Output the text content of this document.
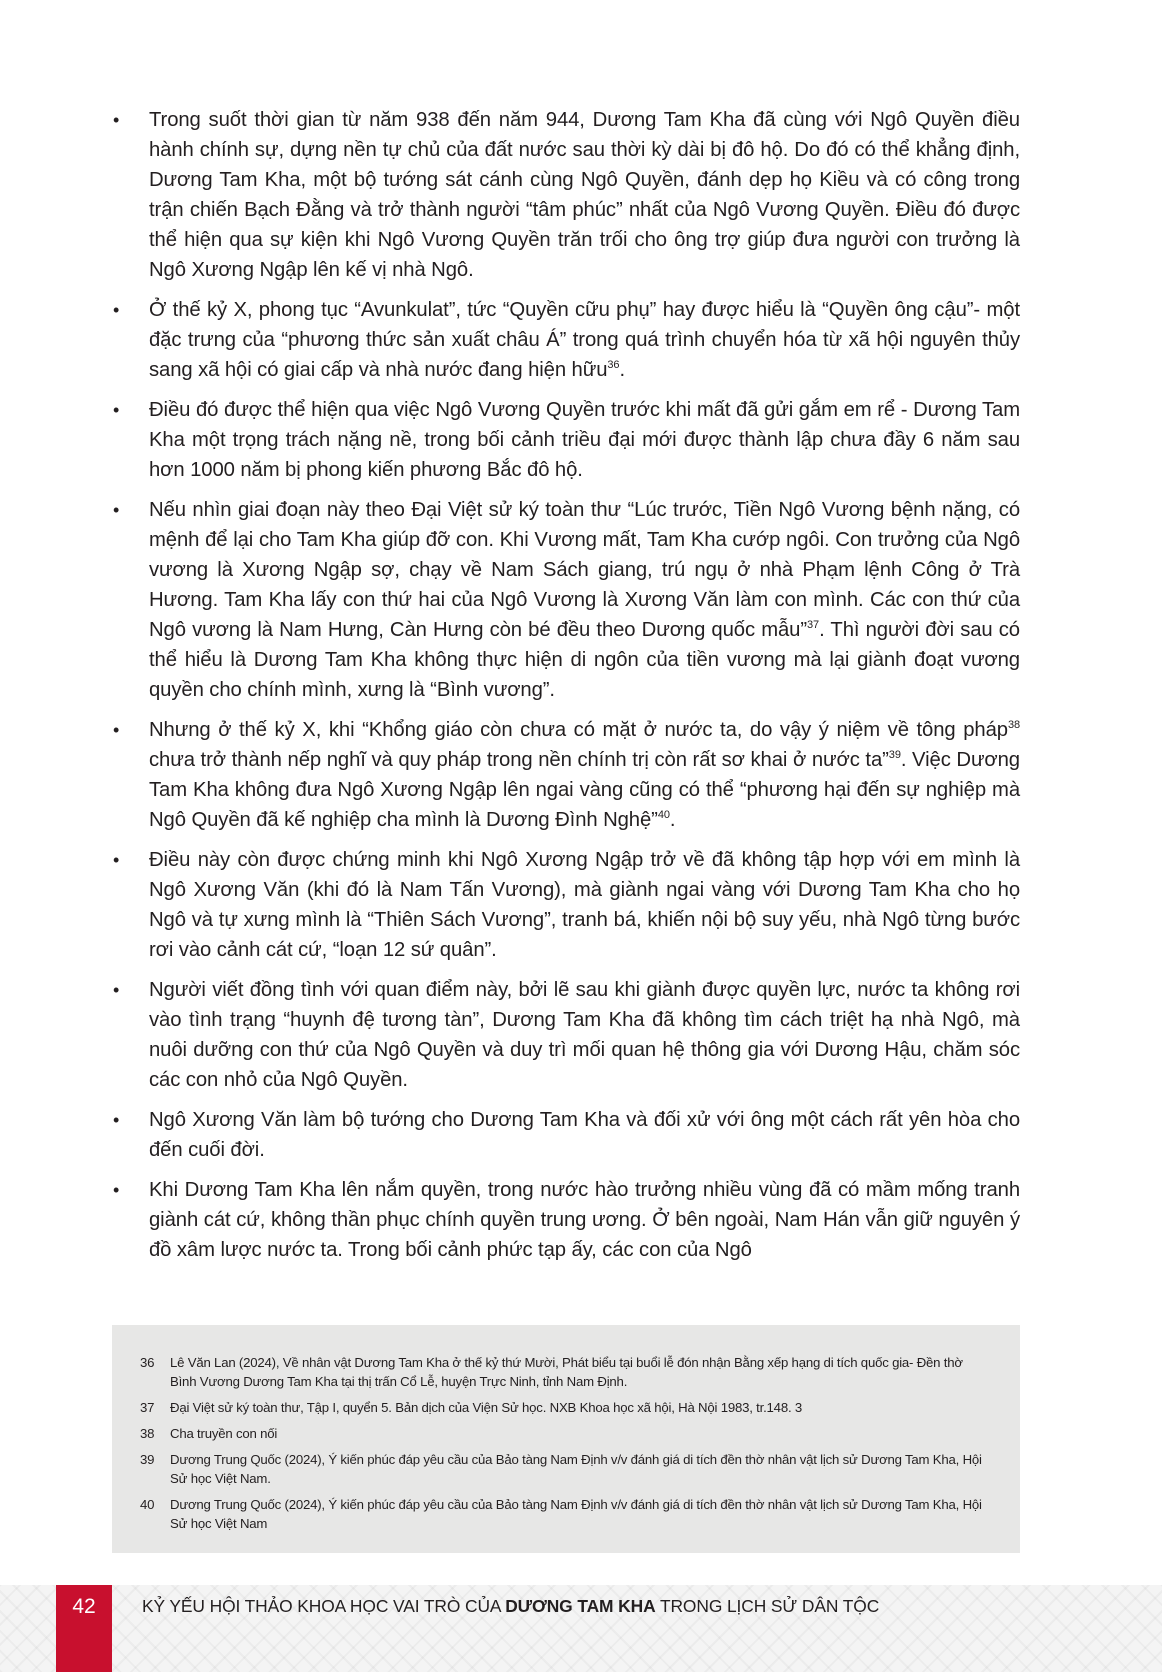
• Trong suốt thời gian từ năm 938 đến năm 944, Dương Tam Kha đã cùng với Ngô Quyền điều hành chính sự, dựng nền tự chủ của đất nước sau thời kỳ dài bị đô hộ. Do đó có thể khẳng định, Dương Tam Kha, một bộ tướng sát cánh cùng Ngô Quyền, đánh dẹp họ Kiều và có công trong trận chiến Bạch Đằng và trở thành người “tâm phúc” nhất của Ngô Vương Quyền. Điều đó được thể hiện qua sự kiện khi Ngô Vương Quyền trăn trối cho ông trợ giúp đưa người con trưởng là Ngô Xương Ngập lên kế vị nhà Ngô.
• Ở thế kỷ X, phong tục “Avunkulat”, tức “Quyền cữu phụ” hay được hiểu là “Quyền ông cậu”- một đặc trưng của “phương thức sản xuất châu Á” trong quá trình chuyển hóa từ xã hội nguyên thủy sang xã hội có giai cấp và nhà nước đang hiện hữu$^{36}$.
• Điều đó được thể hiện qua việc Ngô Vương Quyền trước khi mất đã gửi gắm em rể - Dương Tam Kha một trọng trách nặng nề, trong bối cảnh triều đại mới được thành lập chưa đầy 6 năm sau hơn 1000 năm bị phong kiến phương Bắc đô hộ.
• Nếu nhìn giai đoạn này theo Đại Việt sử ký toàn thư “Lúc trước, Tiền Ngô Vương bệnh nặng, có mệnh để lại cho Tam Kha giúp đỡ con. Khi Vương mất, Tam Kha cướp ngôi. Con trưởng của Ngô vương là Xương Ngập sợ, chạy về Nam Sách giang, trú ngụ ở nhà Phạm lệnh Công ở Trà Hương. Tam Kha lấy con thứ hai của Ngô Vương là Xương Văn làm con mình. Các con thứ của Ngô vương là Nam Hưng, Càn Hưng còn bé đều theo Dương quốc mẫu”$^{37}$. Thì người đời sau có thể hiểu là Dương Tam Kha không thực hiện di ngôn của tiền vương mà lại giành đoạt vương quyền cho chính mình, xưng là “Bình vương”.
• Nhưng ở thế kỷ X, khi “Khổng giáo còn chưa có mặt ở nước ta, do vậy ý niệm về tông pháp$^{38}$ chưa trở thành nếp nghĩ và quy pháp trong nền chính trị còn rất sơ khai ở nước ta”$^{39}$. Việc Dương Tam Kha không đưa Ngô Xương Ngập lên ngai vàng cũng có thể “phương hại đến sự nghiệp mà Ngô Quyền đã kế nghiệp cha mình là Dương Đình Nghệ”$^{40}$.
• Điều này còn được chứng minh khi Ngô Xương Ngập trở về đã không tập hợp với em mình là Ngô Xương Văn (khi đó là Nam Tấn Vương), mà giành ngai vàng với Dương Tam Kha cho họ Ngô và tự xưng mình là “Thiên Sách Vương”, tranh bá, khiến nội bộ suy yếu, nhà Ngô từng bước rơi vào cảnh cát cứ, “loạn 12 sứ quân”.
• Người viết đồng tình với quan điểm này, bởi lẽ sau khi giành được quyền lực, nước ta không rơi vào tình trạng “huynh đệ tương tàn”, Dương Tam Kha đã không tìm cách triệt hạ nhà Ngô, mà nuôi dưỡng con thứ của Ngô Quyền và duy trì mối quan hệ thông gia với Dương Hậu, chăm sóc các con nhỏ của Ngô Quyền.
• Ngô Xương Văn làm bộ tướng cho Dương Tam Kha và đối xử với ông một cách rất yên hòa cho đến cuối đời.
• Khi Dương Tam Kha lên nắm quyền, trong nước hào trưởng nhiều vùng đã có mầm mống tranh giành cát cứ, không thần phục chính quyền trung ương. Ở bên ngoài, Nam Hán vẫn giữ nguyên ý đồ xâm lược nước ta. Trong bối cảnh phức tạp ấy, các con của Ngô
36	Lê Văn Lan (2024), Về nhân vật Dương Tam Kha ở thế kỷ thứ Mười, Phát biểu tại buổi lễ đón nhận Bằng xếp hạng di tích quốc gia- Đền thờ Bình Vương Dương Tam Kha tại thị trấn Cổ Lễ, huyện Trực Ninh, tỉnh Nam Định.
37	Đại Việt sử ký toàn thư, Tập I, quyển 5. Bản dịch của Viện Sử học. NXB Khoa học xã hội, Hà Nội 1983, tr.148. 3
38	Cha truyền con nối
39	Dương Trung Quốc (2024), Ý kiến phúc đáp yêu cầu của Bảo tàng Nam Định v/v đánh giá di tích đền thờ nhân vật lịch sử Dương Tam Kha, Hội Sử học Việt Nam.
40	Dương Trung Quốc (2024), Ý kiến phúc đáp yêu cầu của Bảo tàng Nam Định v/v đánh giá di tích đền thờ nhân vật lịch sử Dương Tam Kha, Hội Sử học Việt Nam
42	KỶ YẾU HỘI THẢO KHOA HỌC VAI TRÒ CỦA DƯƠNG TAM KHA TRONG LỊCH SỬ DÂN TỘC
